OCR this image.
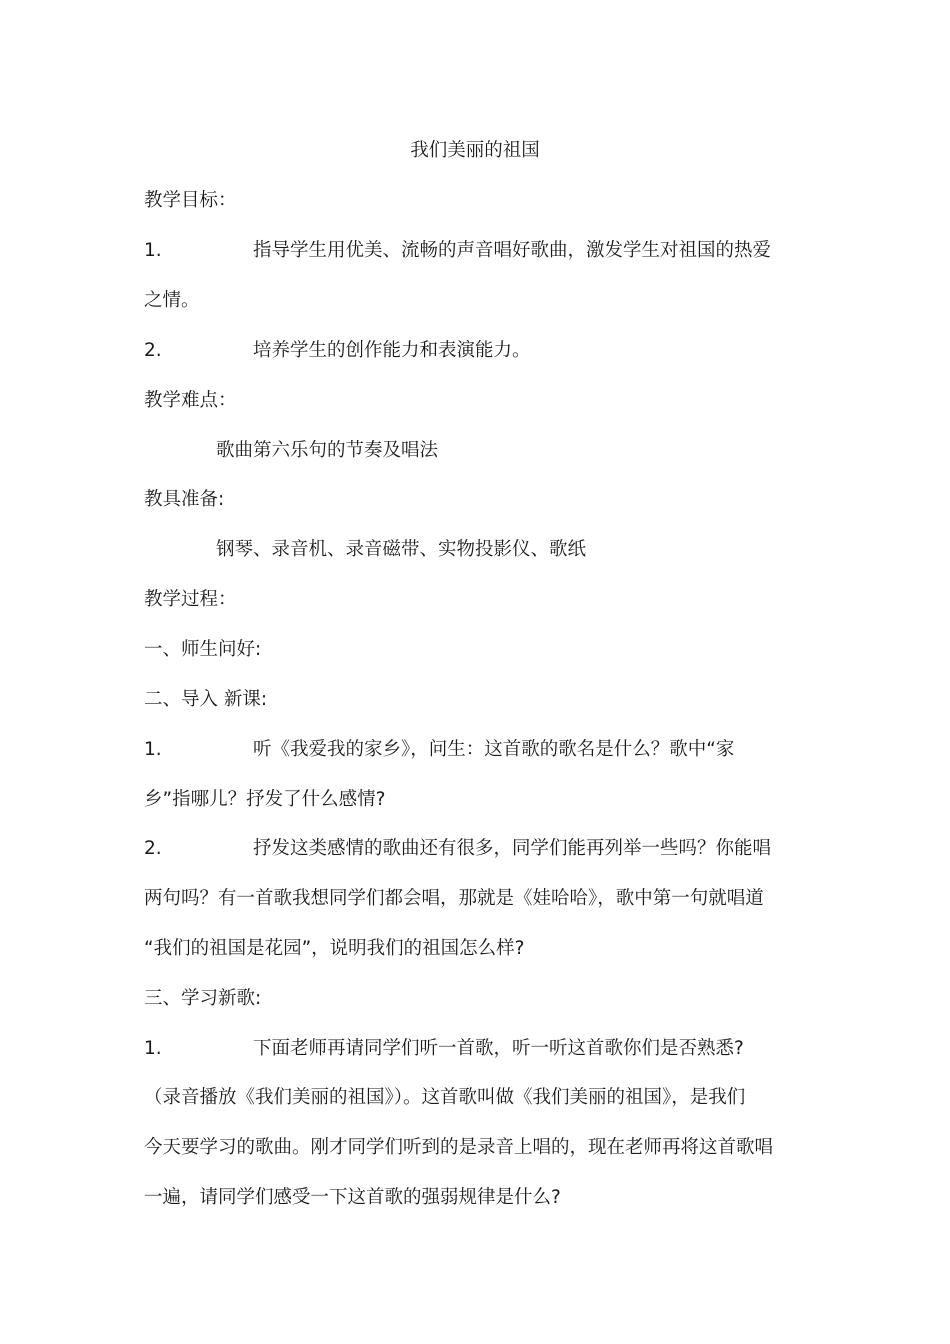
我们美丽的祖国
教学目标：
1.	指导学生用优美、流畅的声音唱好歌曲，激发学生对祖国的热爱
之情。
2.	培养学生的创作能力和表演能力。
教学难点：
歌曲第六乐句的节奏及唱法
教具准备:
钢琴、录音机、录音磁带、实物投影仪、歌纸
教学过程：
一、师生问好:
二、导入 新课:
1.	听《我爱我的家乡》，问生：这首歌的歌名是什么？歌中“家
乡”指哪儿？抒发了什么感情?
2.	抒发这类感情的歌曲还有很多，同学们能再列举一些吗？你能唱
两句吗？有一首歌我想同学们都会唱，那就是《娃哈哈》，歌中第一句就唱道
“我们的祖国是花园”，说明我们的祖国怎么样?
三、学习新歌:
1.	下面老师再请同学们听一首歌，听一听这首歌你们是否熟悉?
（录音播放《我们美丽的祖国》）。这首歌叫做《我们美丽的祖国》，是我们
今天要学习的歌曲。刚才同学们听到的是录音上唱的，现在老师再将这首歌唱
一遍，请同学们感受一下这首歌的强弱规律是什么?
